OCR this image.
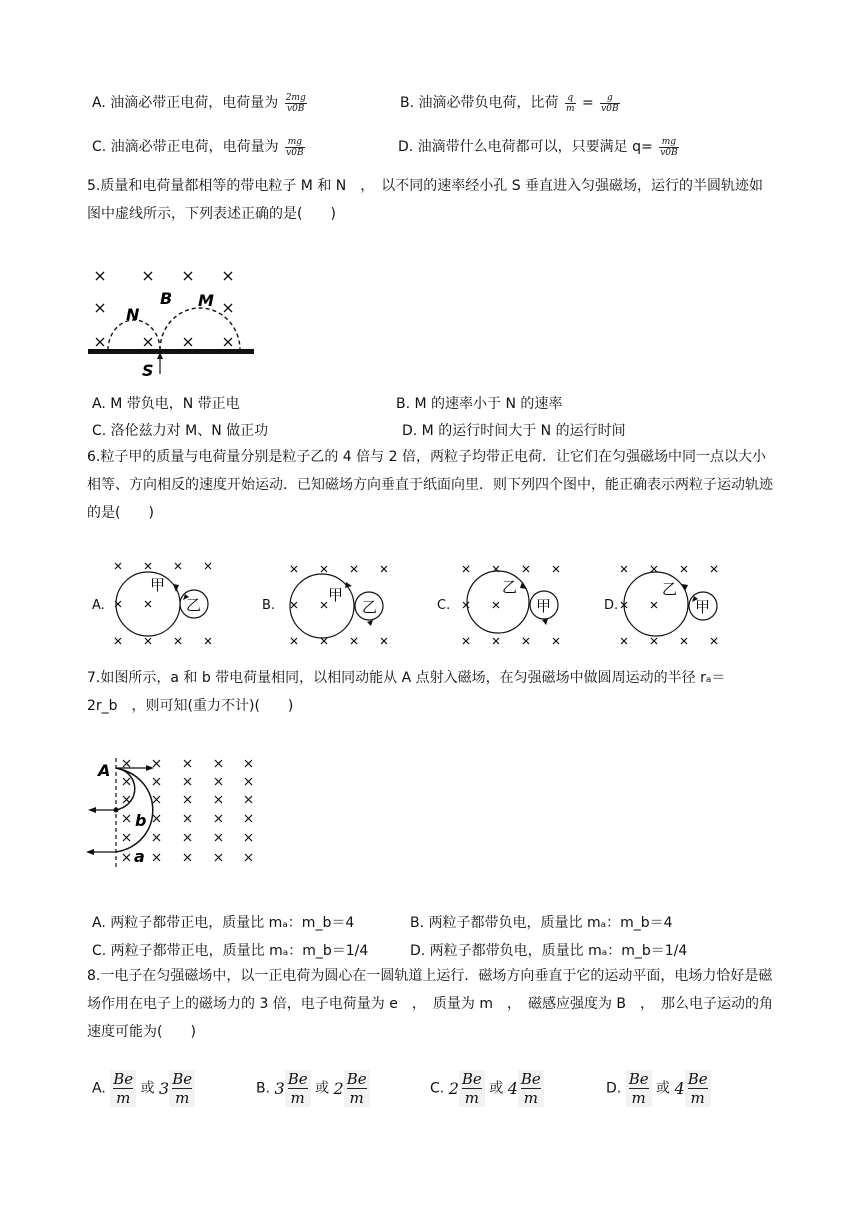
A. 油滴必带正电荷，电荷量为 $\frac{2mg}{v0B}$	B. 油滴必带负电荷，比荷 $\frac{q}{m} = \frac{g}{v0B}$
C. 油滴必带正电荷，电荷量为 $\frac{mg}{v0B}$	D. 油滴带什么电荷都可以，只要满足 $q= \frac{mg}{v0B}$
5.质量和电荷量都相等的带电粒子 M 和 N　，　以不同的速率经小孔 S 垂直进入匀强磁场，运行的半圆轨迹如图中虚线所示，下列表述正确的是(　　)
N
B M
S
A. M 带负电，N 带正电	B. M 的速率小于 N 的速率
C. 洛伦兹力对 M、N 做正功	D. M 的运行时间大于 N 的运行时间
6.粒子甲的质量与电荷量分别是粒子乙的 4 倍与 2 倍，两粒子均带正电荷．让它们在匀强磁场中同一点以大小相等、方向相反的速度开始运动．已知磁场方向垂直于纸面向里．则下列四个图中，能正确表示两粒子运动轨迹的是(　　)
A.
甲
乙	B.
甲
乙	C.
乙
甲	D.
乙
甲
7.如图所示，a 和 b 带电荷量相同，以相同动能从 A 点射入磁场，在匀强磁场中做圆周运动的半径 rₐ＝2r_b　，则可知(重力不计)(　　)
A
b
a
A. 两粒子都带正电，质量比 mₐ：m_b＝4	B. 两粒子都带负电，质量比 mₐ：m_b＝4
C. 两粒子都带正电，质量比 mₐ：m_b＝1/4	D. 两粒子都带负电，质量比 mₐ：m_b＝1/4
8.一电子在匀强磁场中，以一正电荷为圆心在一圆轨道上运行．磁场方向垂直于它的运动平面，电场力恰好是磁场作用在电子上的磁场力的 3 倍，电子电荷量为 e　，　质量为 m　，　磁感应强度为 B　，　那么电子运动的角速度可能为(　　)
A. $\frac{Be}{m}$ 或 $3 \frac{Be}{m}$	B. $3 \frac{Be}{m}$ 或 $2 \frac{Be}{m}$	C. $2 \frac{Be}{m}$ 或 $4 \frac{Be}{m}$	D. $\frac{Be}{m}$ 或 $4 \frac{Be}{m}$
